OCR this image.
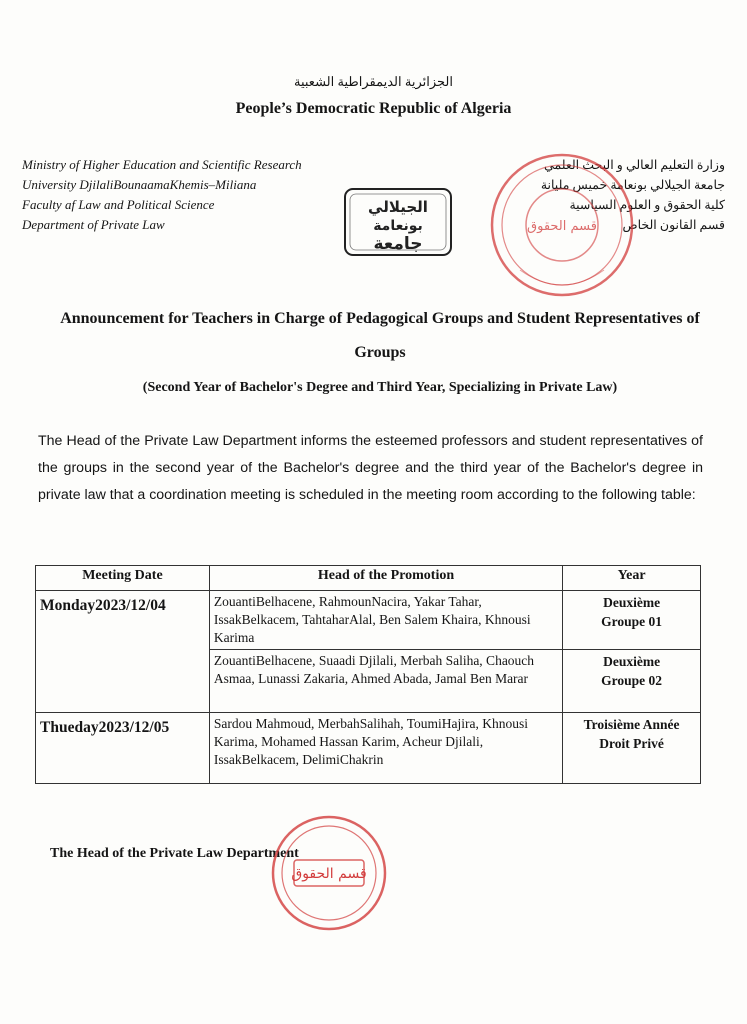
الجزائرية الديمقراطية الشعبية
People’s Democratic Republic of Algeria
Ministry of Higher Education and Scientific Research
University DjilaliBounaamaKhemis–Miliana
Faculty af Law and Political Science
Department of Private Law
وزارة التعليم العالي و البحث العلمي
جامعة الجيلالي بونعامة خميس مليانة
كلية الحقوق و العلوم السياسية
قسم القانون الخاص
الجيلالي
بونعامة
جامعة
قسم الحقوق
Announcement for Teachers in Charge of Pedagogical Groups and Student Representatives of Groups
(Second Year of Bachelor's Degree and Third Year, Specializing in Private Law)
The Head of the Private Law Department informs the esteemed professors and student representatives of the groups in the second year of the Bachelor's degree and the third year of the Bachelor's degree in private law that a coordination meeting is scheduled in the meeting room according to the following table:
Meeting Date	Head of the Promotion	Year
Monday2023/12/04	ZouantiBelhacene, RahmounNacira, Yakar Tahar, IssakBelkacem, TahtaharAlal, Ben Salem Khaira, Khnousi Karima	Deuxième
Groupe 01

	ZouantiBelhacene, Suaadi Djilali, Merbah Saliha, Chaouch Asmaa, Lunassi Zakaria, Ahmed Abada, Jamal Ben Marar	Deuxième
Groupe 02

Thueday2023/12/05	Sardou Mahmoud, MerbahSalihah, ToumiHajira, Khnousi Karima, Mohamed Hassan Karim, Acheur Djilali, IssakBelkacem, DelimiChakrin	Troisième Année
Droit Privé
The Head of the Private Law Department
قسم الحقوق
